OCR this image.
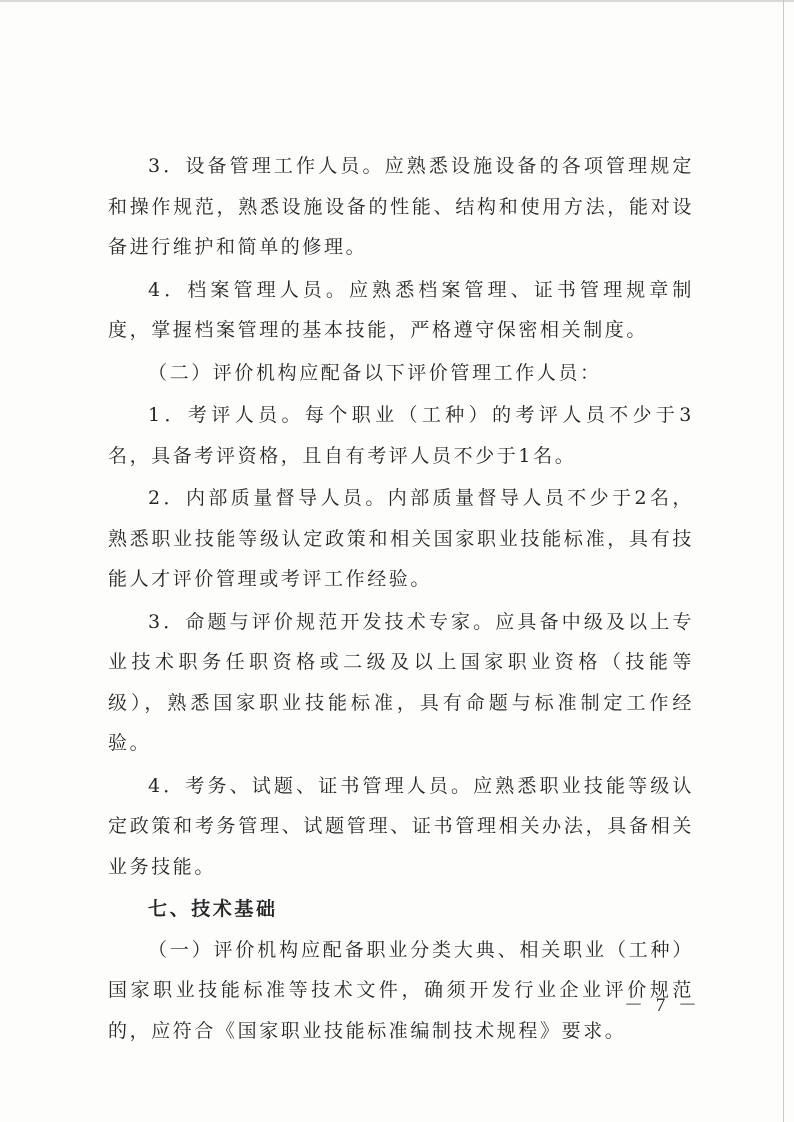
3．设备管理工作人员。应熟悉设施设备的各项管理规定和操作规范，熟悉设施设备的性能、结构和使用方法，能对设备进行维护和简单的修理。

4．档案管理人员。应熟悉档案管理、证书管理规章制度，掌握档案管理的基本技能，严格遵守保密相关制度。

（二）评价机构应配备以下评价管理工作人员：

1．考评人员。每个职业（工种）的考评人员不少于3名，具备考评资格，且自有考评人员不少于1名。

2．内部质量督导人员。内部质量督导人员不少于2名，熟悉职业技能等级认定政策和相关国家职业技能标准，具有技能人才评价管理或考评工作经验。

3．命题与评价规范开发技术专家。应具备中级及以上专业技术职务任职资格或二级及以上国家职业资格（技能等级），熟悉国家职业技能标准，具有命题与标准制定工作经验。

4．考务、试题、证书管理人员。应熟悉职业技能等级认定政策和考务管理、试题管理、证书管理相关办法，具备相关业务技能。

七、技术基础

（一）评价机构应配备职业分类大典、相关职业（工种）国家职业技能标准等技术文件，确须开发行业企业评价规范的，应符合《国家职业技能标准编制技术规程》要求。

－ 7 －
